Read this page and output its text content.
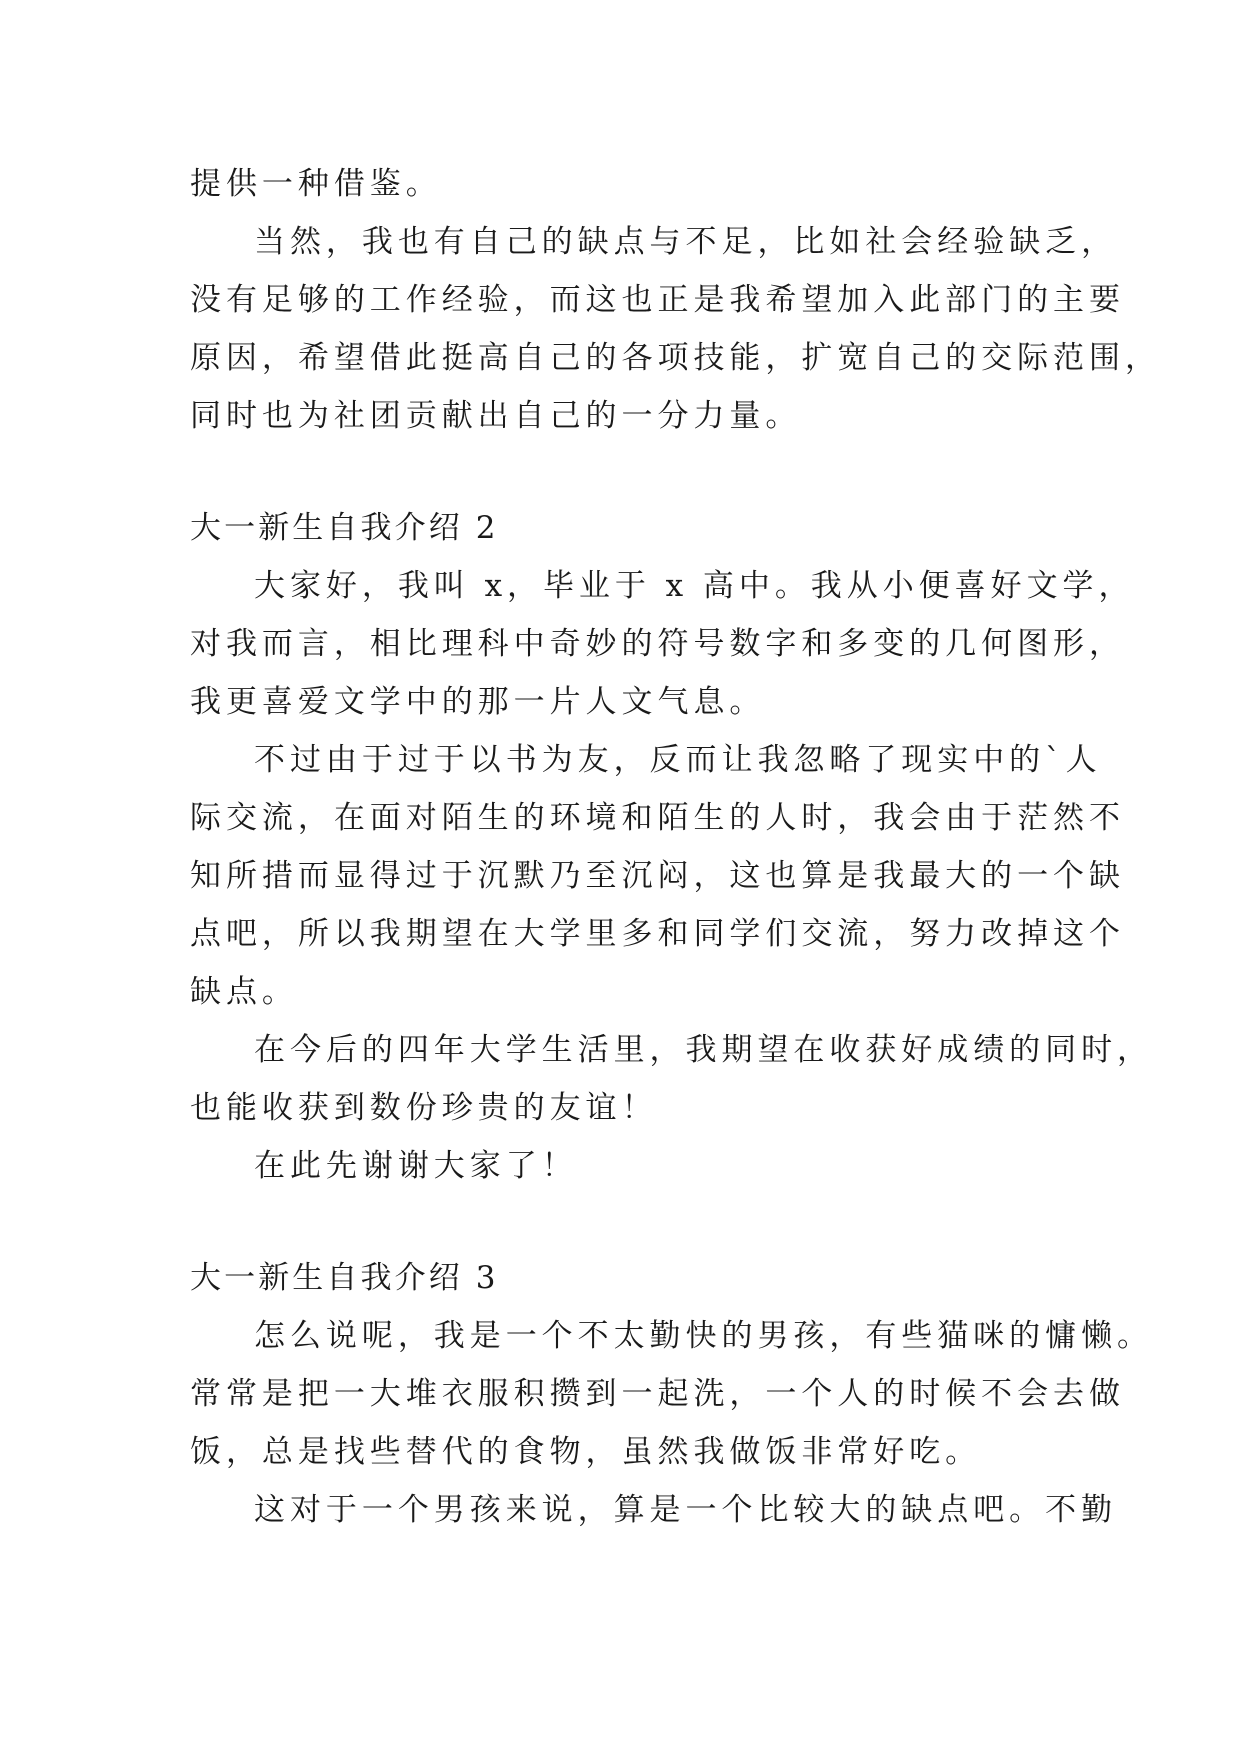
提供一种借鉴。
当然，我也有自己的缺点与不足，比如社会经验缺乏，
没有足够的工作经验，而这也正是我希望加入此部门的主要
原因，希望借此挺高自己的各项技能，扩宽自己的交际范围，
同时也为社团贡献出自己的一分力量。
大一新生自我介绍 2
大家好，我叫 x，毕业于 x 高中。我从小便喜好文学，
对我而言，相比理科中奇妙的符号数字和多变的几何图形，
我更喜爱文学中的那一片人文气息。
不过由于过于以书为友，反而让我忽略了现实中的`人
际交流，在面对陌生的环境和陌生的人时，我会由于茫然不
知所措而显得过于沉默乃至沉闷，这也算是我最大的一个缺
点吧，所以我期望在大学里多和同学们交流，努力改掉这个
缺点。
在今后的四年大学生活里，我期望在收获好成绩的同时，
也能收获到数份珍贵的友谊！
在此先谢谢大家了！
大一新生自我介绍 3
怎么说呢，我是一个不太勤快的男孩，有些猫咪的慵懒。
常常是把一大堆衣服积攒到一起洗，一个人的时候不会去做
饭，总是找些替代的食物，虽然我做饭非常好吃。
这对于一个男孩来说，算是一个比较大的缺点吧。不勤
